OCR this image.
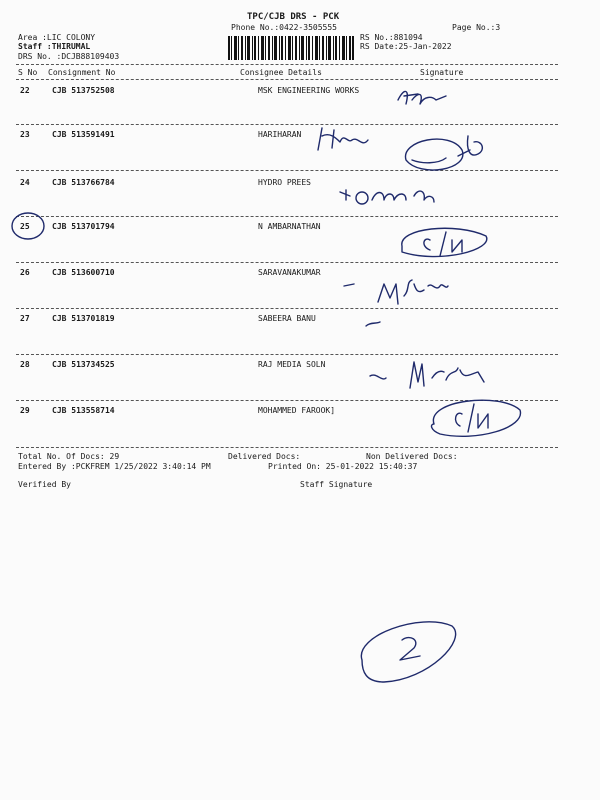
TPC/CJB DRS - PCK
Phone No.:0422-3505555	Page No.:3
Area :LIC COLONY
Staff :THIRUMAL
DRS No. :DCJB88109403
RS No.:881094
RS Date:25-Jan-2022
S No Consignment No	Consignee Details	Signature
22	CJB 513752508	MSK ENGINEERING WORKS
23	CJB 513591491	HARIHARAN
24	CJB 513766784	HYDRO PREES
25	CJB 513701794	N AMBARNATHAN
26	CJB 513600710	SARAVANAKUMAR
27	CJB 513701819	SABEERA BANU
28	CJB 513734525	RAJ MEDIA SOLN
29	CJB 513558714	MOHAMMED FAROOK]
Total No. Of Docs: 29	Delivered Docs:	Non Delivered Docs:
Entered By :PCKFREM 1/25/2022 3:40:14 PM	Printed On: 25-01-2022 15:40:37
Verified By	Staff Signature
